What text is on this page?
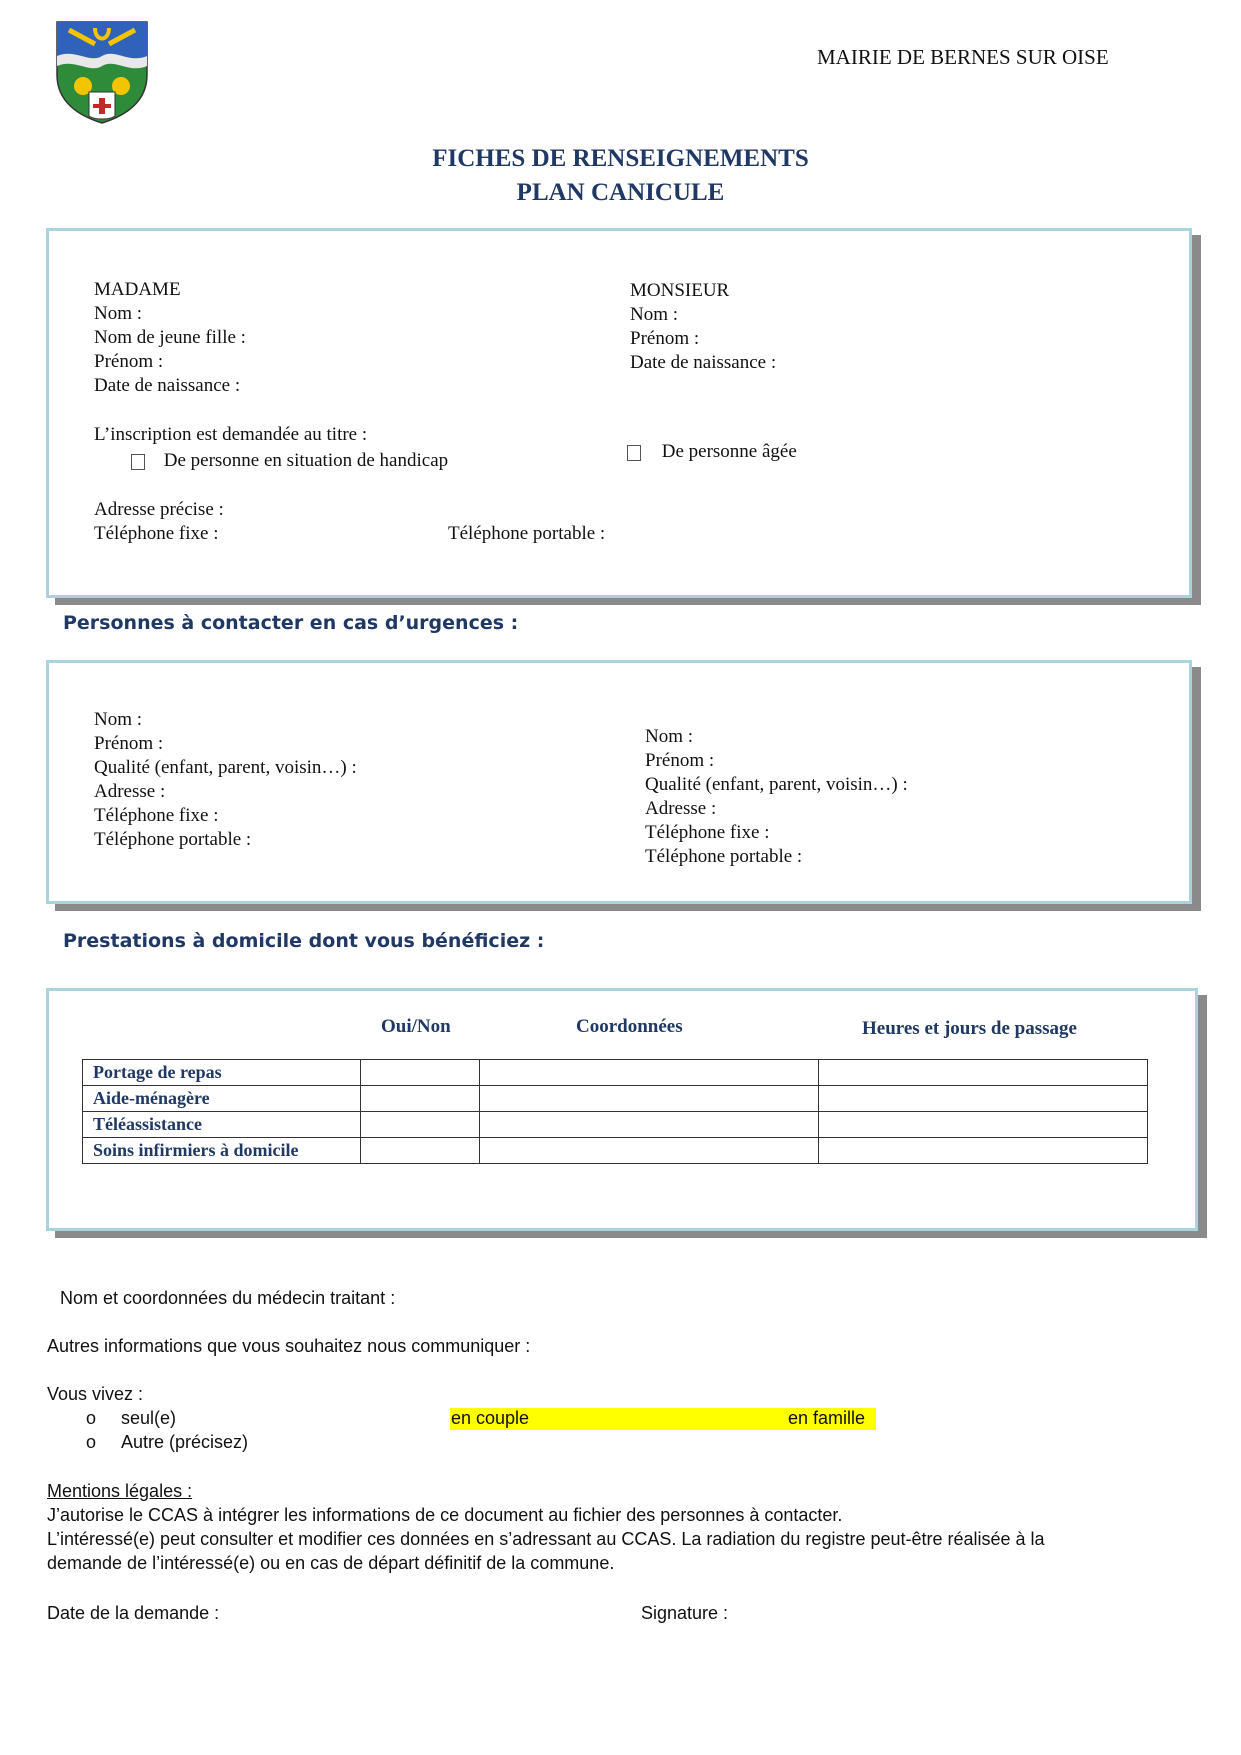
MAIRIE DE BERNES SUR OISE
FICHES DE RENSEIGNEMENTS
PLAN CANICULE
MADAME
Nom :
Nom de jeune fille :
Prénom :
Date de naissance :
MONSIEUR
Nom :
Prénom :
Date de naissance :
L’inscription est demandée au titre :
De personne en situation de handicap	De personne âgée
Adresse précise :
Téléphone fixe :	Téléphone portable :
Personnes à contacter en cas d’urgences :
Nom :
Prénom :
Qualité (enfant, parent, voisin…) :
Adresse :
Téléphone fixe :
Téléphone portable :
Nom :
Prénom :
Qualité (enfant, parent, voisin…) :
Adresse :
Téléphone fixe :
Téléphone portable :
Prestations à domicile dont vous bénéficiez :
Oui/Non	Coordonnées	Heures et jours de passage
Portage de repas			
Aide-ménagère			
Téléassistance			
Soins infirmiers à domicile			
Nom et coordonnées du médecin traitant :
Autres informations que vous souhaitez nous communiquer :
Vous vivez :
o seul(e)	en couple	en famille
o Autre (précisez)
Mentions légales :
J’autorise le CCAS à intégrer les informations de ce document au fichier des personnes à contacter.
L’intéressé(e) peut consulter et modifier ces données en s’adressant au CCAS. La radiation du registre peut-être réalisée à la
demande de l’intéressé(e) ou en cas de départ définitif de la commune.
Date de la demande :	Signature :
